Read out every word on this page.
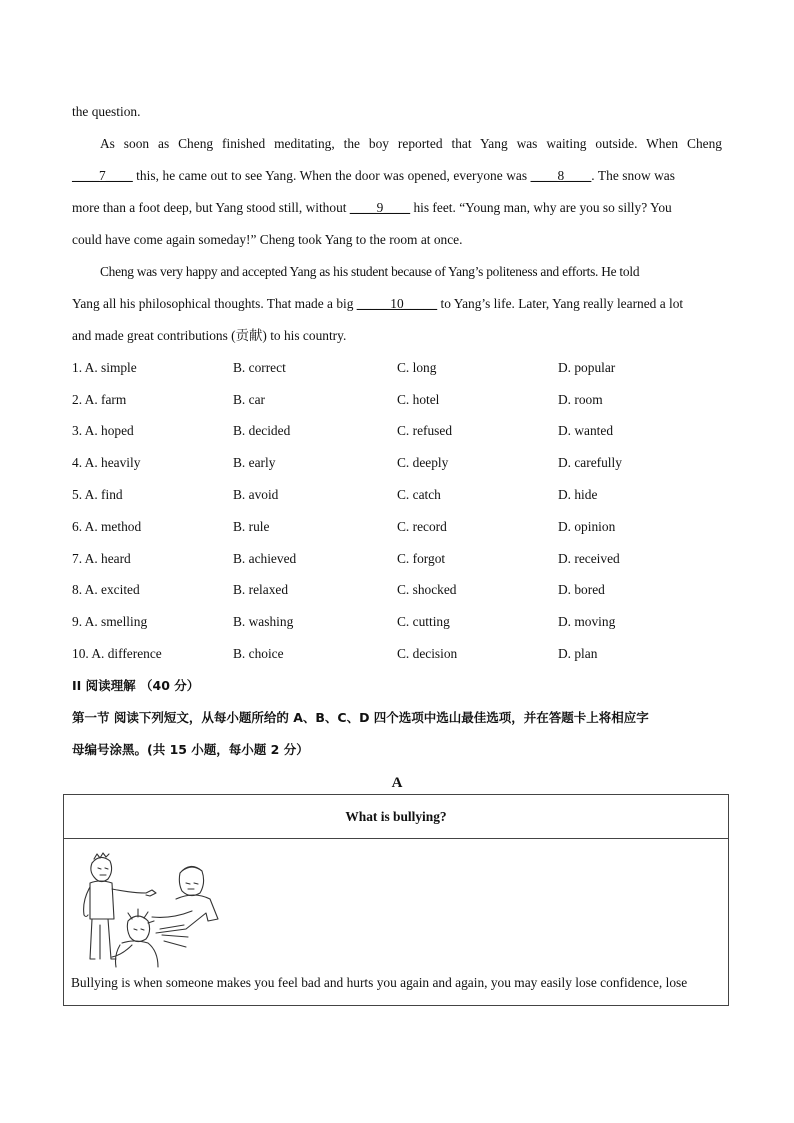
the question.
As soon as Cheng finished meditating, the boy reported that Yang was waiting outside. When Cheng
____7____ this, he came out to see Yang. When the door was opened, everyone was ____8____. The snow was
more than a foot deep, but Yang stood still, without ____9____ his feet. “Young man, why are you so silly? You
could have come again someday!” Cheng took Yang to the room at once.
Cheng was very happy and accepted Yang as his student because of Yang’s politeness and efforts. He told
Yang all his philosophical thoughts. That made a big _____10_____ to Yang’s life. Later, Yang really learned a lot
and made great contributions (贡献) to his country.
1. A. simple	B. correct	C. long	D. popular
2. A. farm	B. car	C. hotel	D. room
3. A. hoped	B. decided	C. refused	D. wanted
4. A. heavily	B. early	C. deeply	D. carefully
5. A. find	B. avoid	C. catch	D. hide
6. A. method	B. rule	C. record	D. opinion
7. A. heard	B. achieved	C. forgot	D. received
8. A. excited	B. relaxed	C. shocked	D. bored
9. A. smelling	B. washing	C. cutting	D. moving
10. A. difference	B. choice	C. decision	D. plan
II 阅读理解 （40 分）
第一节 阅读下列短文，从每小题所给的 A、B、C、D 四个选项中选山最佳选项，并在答题卡上将相应字
母编号涂黑。(共 15 小题，每小题 2 分）
A
What is bullying?
Bullying is when someone makes you feel bad and hurts you again and again, you may easily lose confidence, lose
